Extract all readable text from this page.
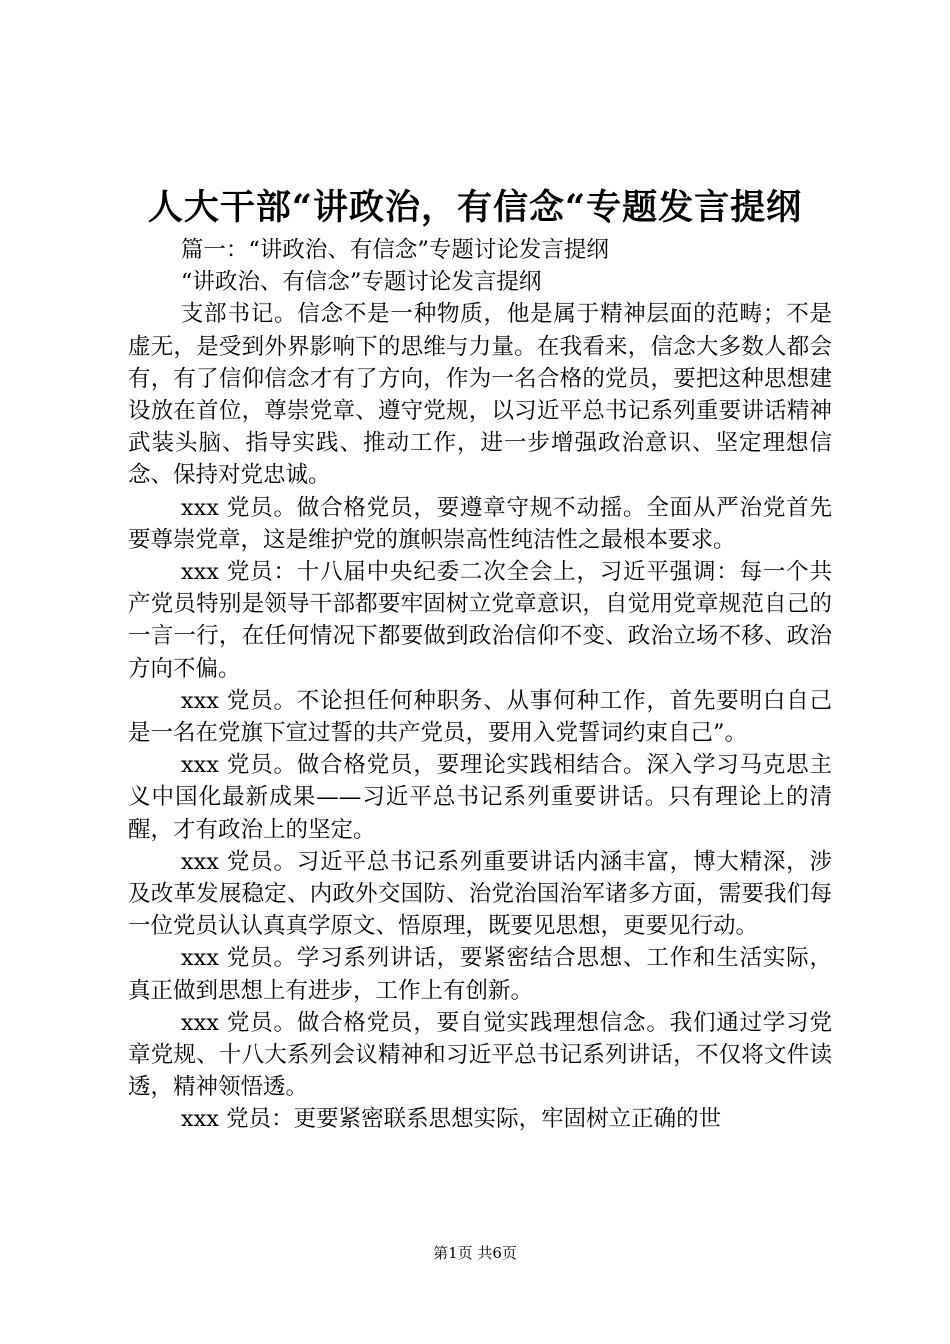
人大干部“讲政治，有信念“专题发言提纲

篇一：“讲政治、有信念”专题讨论发言提纲

“讲政治、有信念”专题讨论发言提纲

支部书记。信念不是一种物质，他是属于精神层面的范畴；不是虚无，是受到外界影响下的思维与力量。在我看来，信念大多数人都会有，有了信仰信念才有了方向，作为一名合格的党员，要把这种思想建设放在首位，尊崇党章、遵守党规，以习近平总书记系列重要讲话精神武装头脑、指导实践、推动工作，进一步增强政治意识、坚定理想信念、保持对党忠诚。

xxx 党员。做合格党员，要遵章守规不动摇。全面从严治党首先要尊崇党章，这是维护党的旗帜崇高性纯洁性之最根本要求。

xxx 党员：十八届中央纪委二次全会上，习近平强调：每一个共产党员特别是领导干部都要牢固树立党章意识，自觉用党章规范自己的一言一行，在任何情况下都要做到政治信仰不变、政治立场不移、政治方向不偏。

xxx 党员。不论担任何种职务、从事何种工作，首先要明白自己是一名在党旗下宣过誓的共产党员，要用入党誓词约束自己”。

xxx 党员。做合格党员，要理论实践相结合。深入学习马克思主义中国化最新成果——习近平总书记系列重要讲话。只有理论上的清醒，才有政治上的坚定。

xxx 党员。习近平总书记系列重要讲话内涵丰富，博大精深，涉及改革发展稳定、内政外交国防、治党治国治军诸多方面，需要我们每一位党员认认真真学原文、悟原理，既要见思想，更要见行动。

xxx 党员。学习系列讲话，要紧密结合思想、工作和生活实际，真正做到思想上有进步，工作上有创新。

xxx 党员。做合格党员，要自觉实践理想信念。我们通过学习党章党规、十八大系列会议精神和习近平总书记系列讲话，不仅将文件读透，精神领悟透。

xxx 党员：更要紧密联系思想实际，牢固树立正确的世

第1页 共6页
